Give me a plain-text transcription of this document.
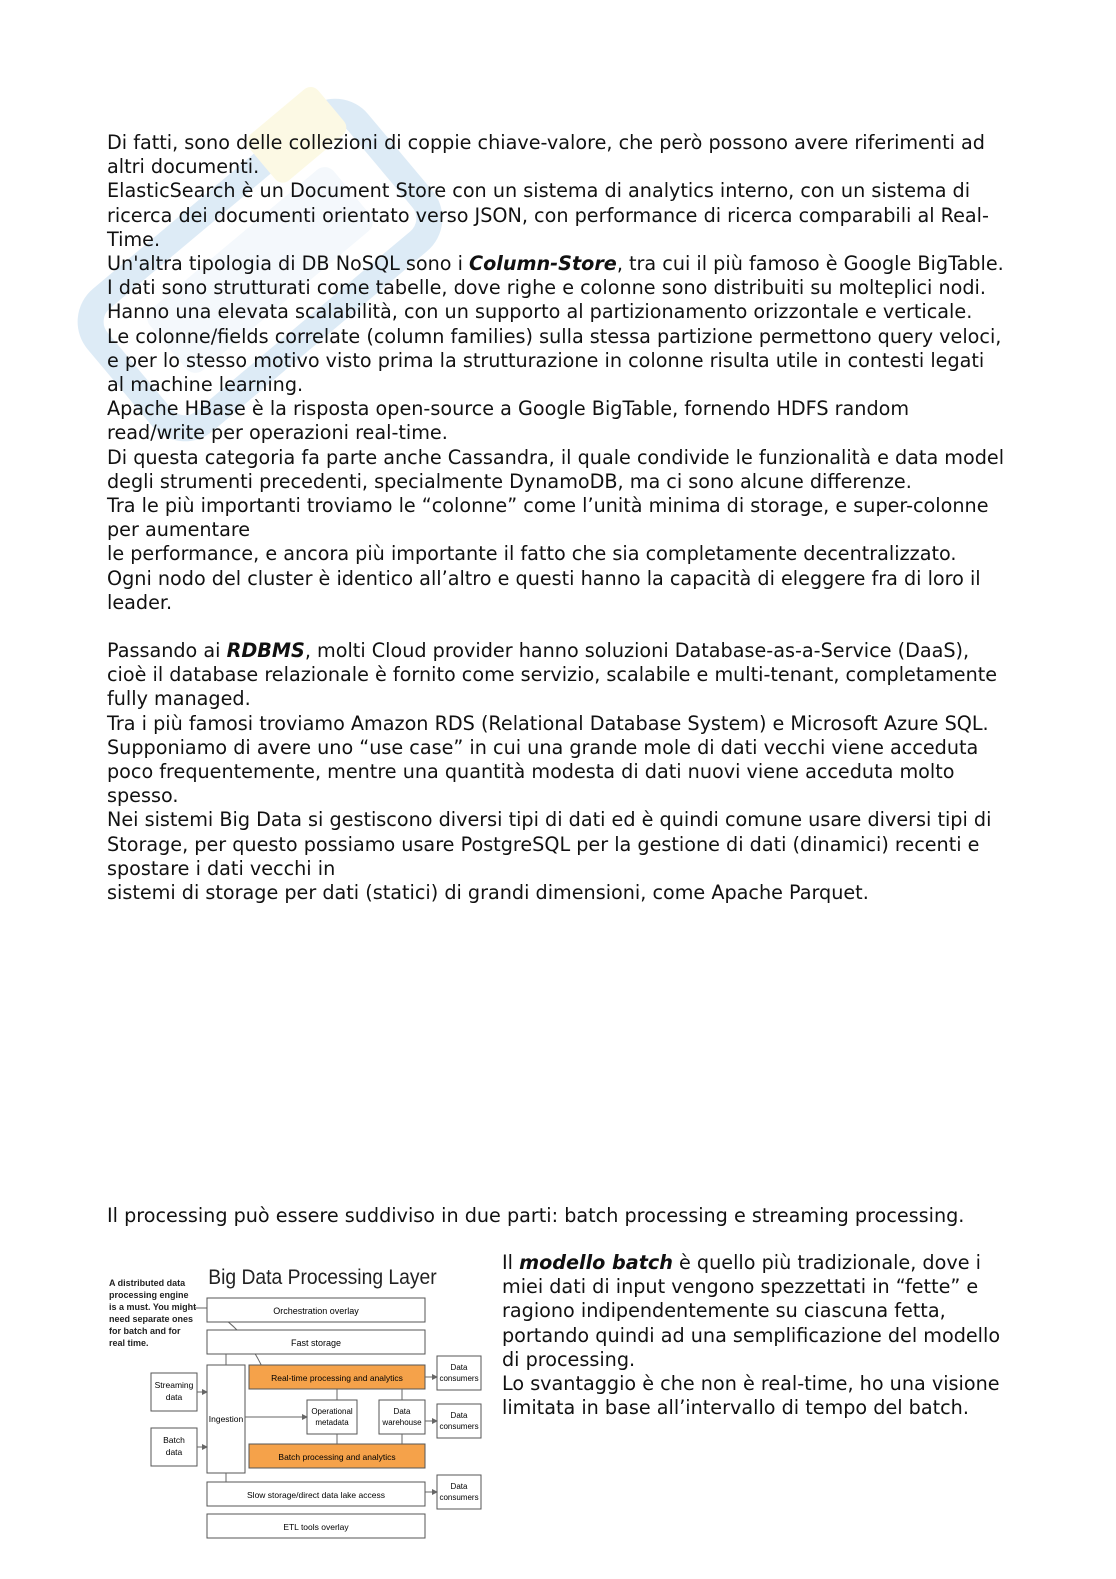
Di fatti, sono delle collezioni di coppie chiave-valore, che però possono avere riferimenti ad altri documenti.

ElasticSearch è un Document Store con un sistema di analytics interno, con un sistema di ricerca dei documenti orientato verso JSON, con performance di ricerca comparabili al Real-Time.

Un'altra tipologia di DB NoSQL sono i Column-Store, tra cui il più famoso è Google BigTable.

I dati sono strutturati come tabelle, dove righe e colonne sono distribuiti su molteplici nodi.

Hanno una elevata scalabilità, con un supporto al partizionamento orizzontale e verticale.

Le colonne/fields correlate (column families) sulla stessa partizione permettono query veloci, e per lo stesso motivo visto prima la strutturazione in colonne risulta utile in contesti legati al machine learning.

Apache HBase è la risposta open-source a Google BigTable, fornendo HDFS random read/write per operazioni real-time.

Di questa categoria fa parte anche Cassandra, il quale condivide le funzionalità e data model degli strumenti precedenti, specialmente DynamoDB, ma ci sono alcune differenze.

Tra le più importanti troviamo le “colonne” come l’unità minima di storage, e super-colonne per aumentare

le performance, e ancora più importante il fatto che sia completamente decentralizzato.

Ogni nodo del cluster è identico all’altro e questi hanno la capacità di eleggere fra di loro il leader.

Passando ai RDBMS, molti Cloud provider hanno soluzioni Database-as-a-Service (DaaS), cioè il database relazionale è fornito come servizio, scalabile e multi-tenant, completamente fully managed.

Tra i più famosi troviamo Amazon RDS (Relational Database System) e Microsoft Azure SQL.

Supponiamo di avere uno “use case” in cui una grande mole di dati vecchi viene acceduta poco frequentemente, mentre una quantità modesta di dati nuovi viene acceduta molto spesso.

Nei sistemi Big Data si gestiscono diversi tipi di dati ed è quindi comune usare diversi tipi di Storage, per questo possiamo usare PostgreSQL per la gestione di dati (dinamici) recenti e spostare i dati vecchi in

sistemi di storage per dati (statici) di grandi dimensioni, come Apache Parquet.

Il processing può essere suddiviso in due parti: batch processing e streaming processing.

Big Data Processing Layer
A distributed data
processing engine
is a must. You might
need separate ones
for batch and for
real time.
Orchestration overlay
Fast storage
Real-time processing and analytics
Streaming
data
Batch
data
Ingestion
Operational
metadata
Data
warehouse
Batch processing and analytics
Data
consumers
Data
consumers
Data
consumers
Slow storage/direct data lake access
ETL tools overlay

Il modello batch è quello più tradizionale, dove i miei dati di input vengono spezzettati in “fette” e ragiono indipendentemente su ciascuna fetta, portando quindi ad una semplificazione del modello di processing.

Lo svantaggio è che non è real-time, ho una visione limitata in base all’intervallo di tempo del batch.
